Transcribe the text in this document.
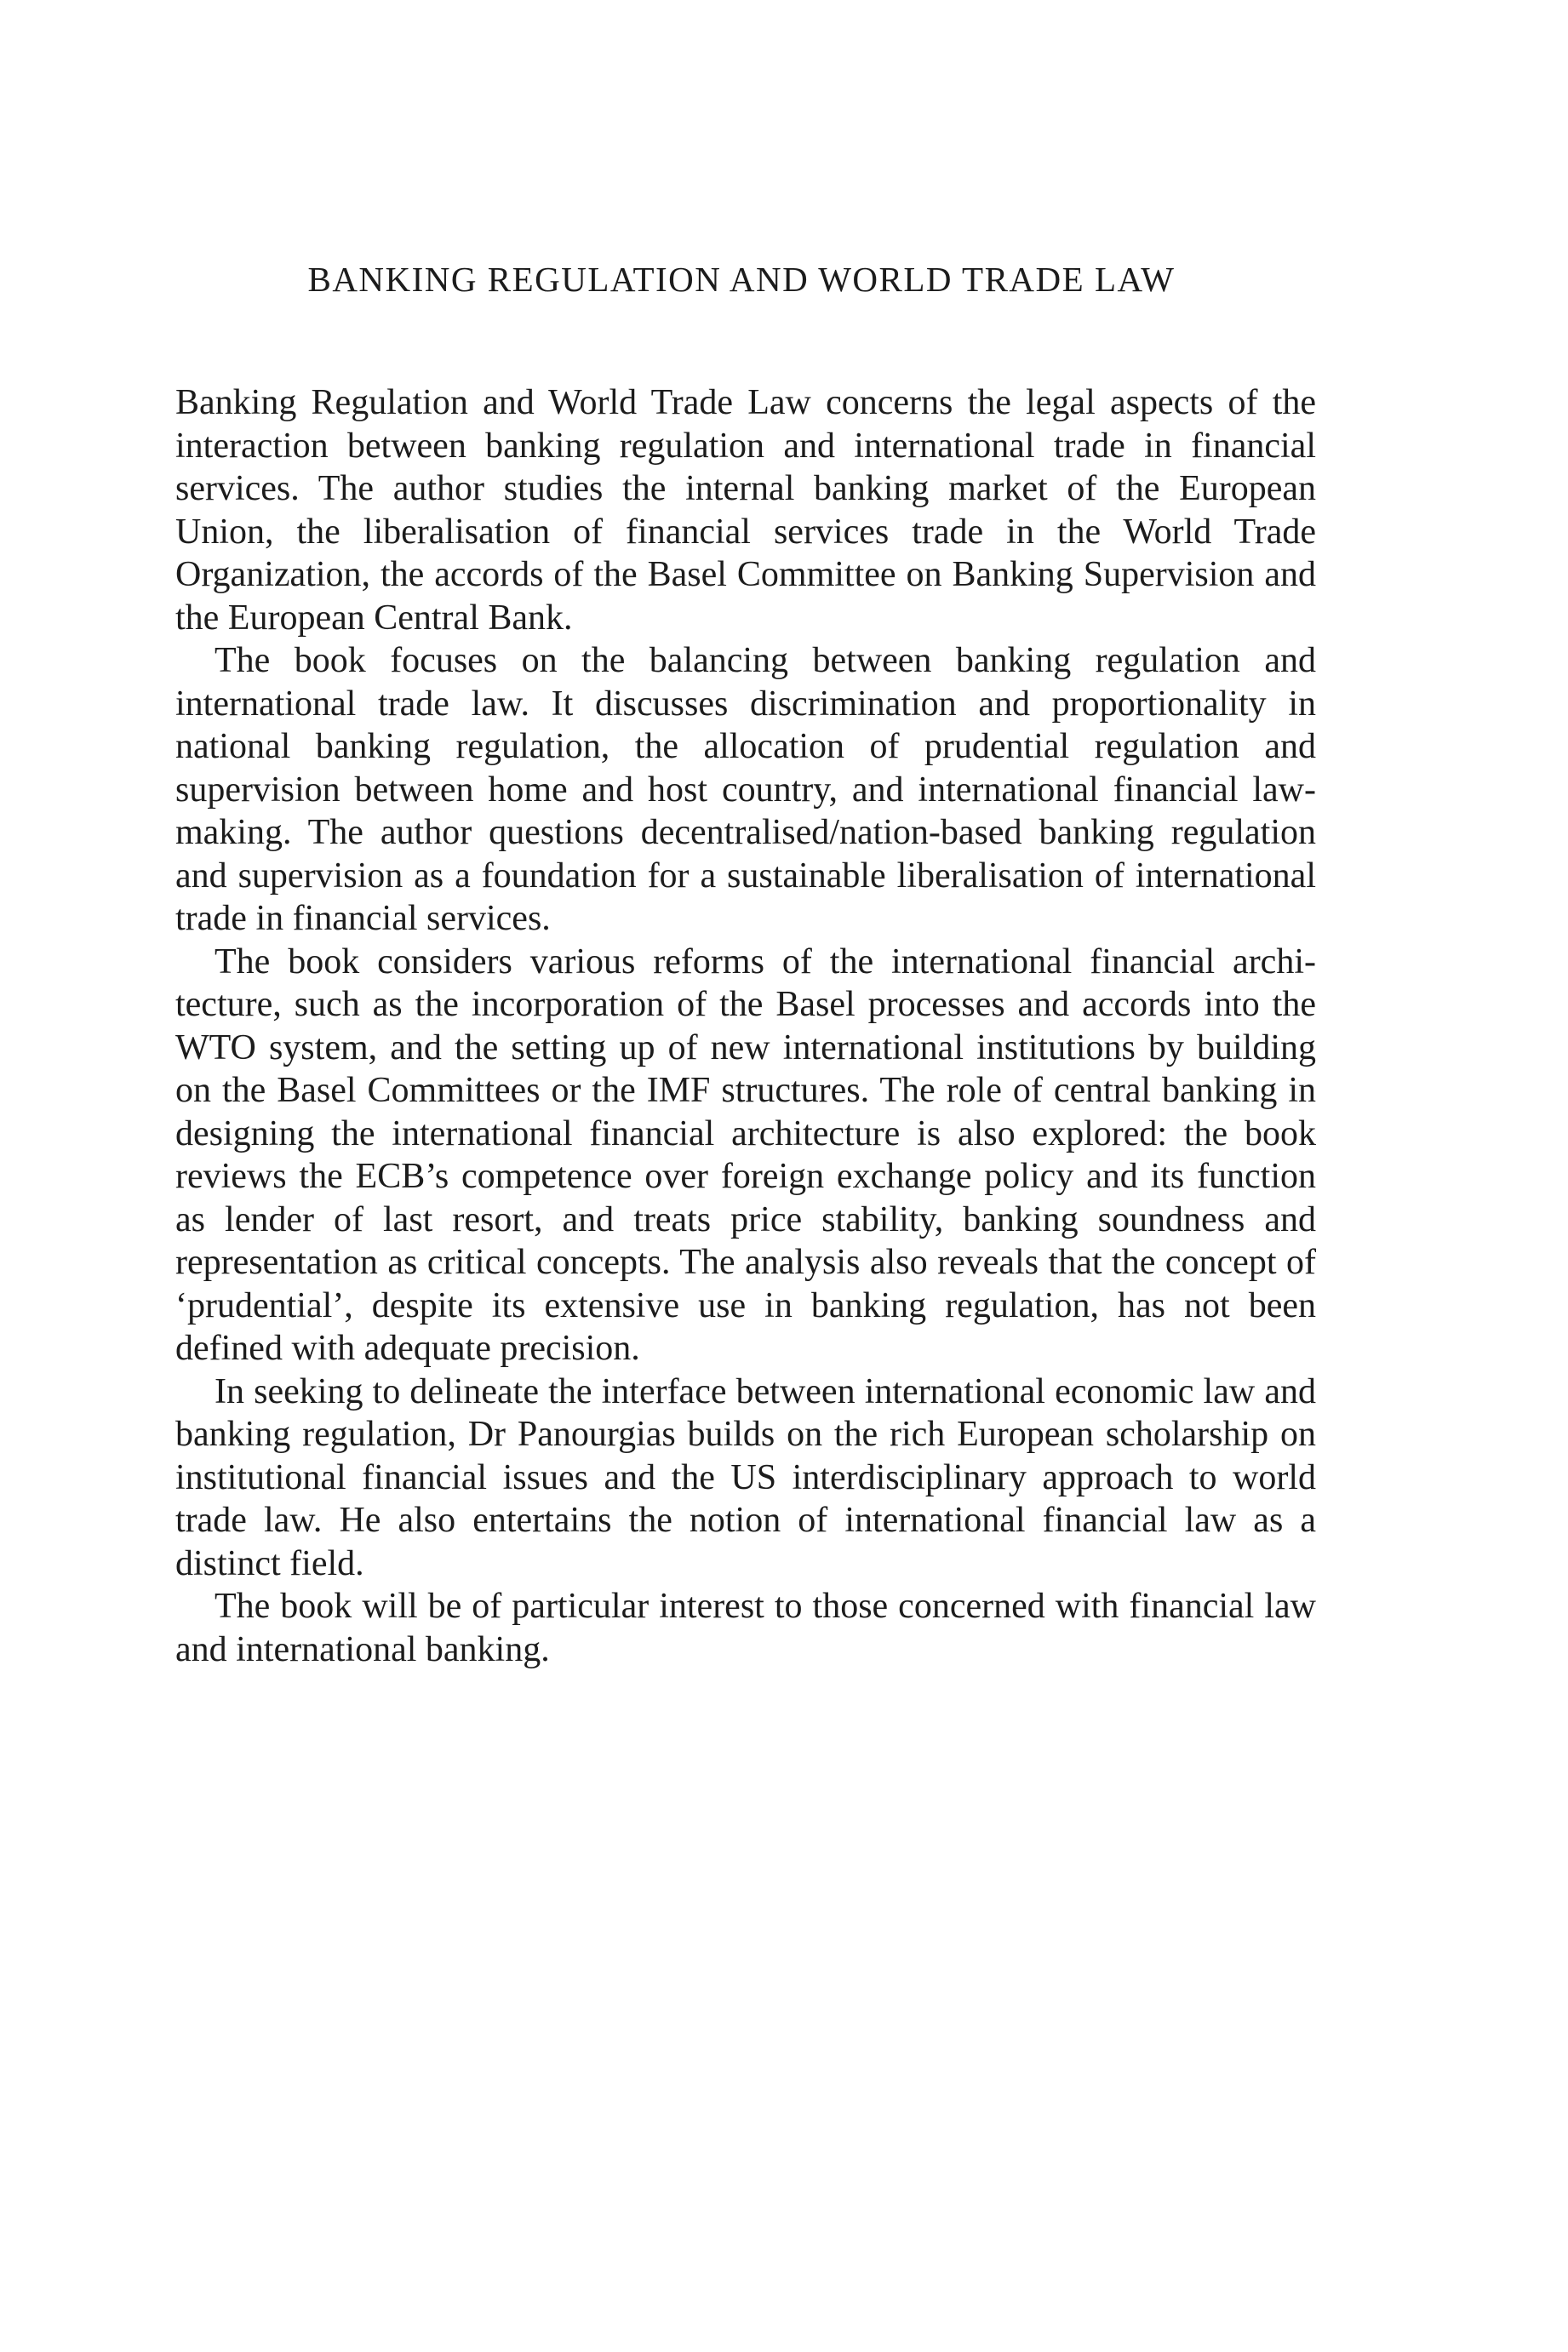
BANKING REGULATION AND WORLD TRADE LAW

Banking Regulation and World Trade Law concerns the legal aspects of the interaction between banking regulation and international trade in financial services. The author studies the internal banking market of the European Union, the liberalisation of financial services trade in the World Trade Organization, the accords of the Basel Committee on Banking Supervision and the European Central Bank.

The book focuses on the balancing between banking regulation and international trade law. It discusses discrimination and proportionality in national banking regulation, the allocation of prudential regulation and supervision between home and host country, and international financial law-making. The author questions decentralised/nation-based banking regulation and supervision as a foundation for a sustainable liberalisation of international trade in financial services.

The book considers various reforms of the international financial architecture, such as the incorporation of the Basel processes and accords into the WTO system, and the setting up of new international institutions by building on the Basel Committees or the IMF structures. The role of central banking in designing the international financial architecture is also explored: the book reviews the ECB’s competence over foreign exchange policy and its function as lender of last resort, and treats price stability, banking soundness and representation as critical concepts. The analysis also reveals that the concept of ‘prudential’, despite its extensive use in banking regulation, has not been defined with adequate precision.

In seeking to delineate the interface between international economic law and banking regulation, Dr Panourgias builds on the rich European scholarship on institutional financial issues and the US interdisciplinary approach to world trade law. He also entertains the notion of international financial law as a distinct field.

The book will be of particular interest to those concerned with financial law and international banking.
